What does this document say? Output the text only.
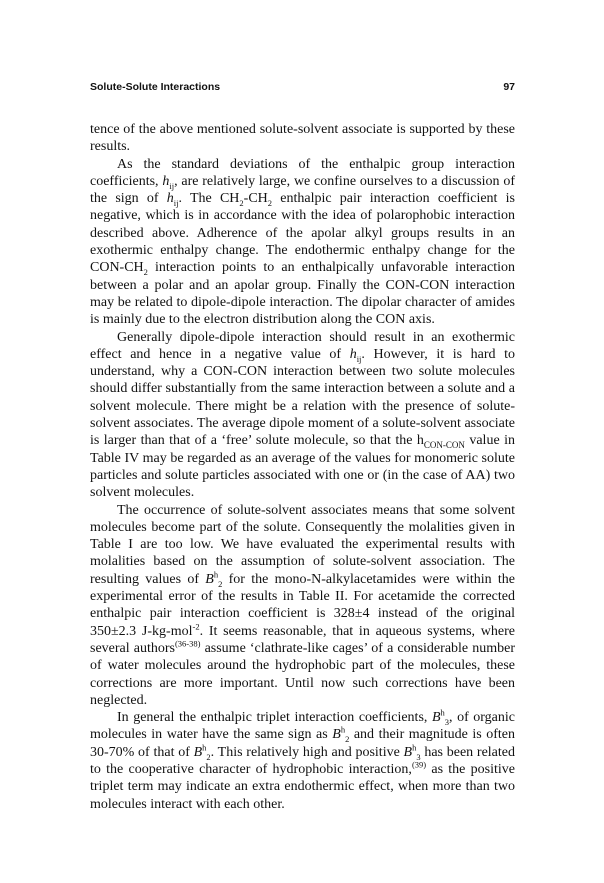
Solute-Solute Interactions	97

tence of the above mentioned solute-solvent associate is supported by these results.

As the standard deviations of the enthalpic group interaction coefficients, $h_{ij}$, are relatively large, we confine ourselves to a discussion of the sign of $h_{ij}$. The $CH_2-CH_2$ enthalpic pair interaction coefficient is negative, which is in accordance with the idea of polarophobic interaction described above. Adherence of the apolar alkyl groups results in an exothermic enthalpy change. The endothermic enthalpy change for the CON-$CH_2$ interaction points to an enthalpically unfavorable interaction between a polar and an apolar group. Finally the CON-CON interaction may be related to dipole-dipole interaction. The dipolar character of amides is mainly due to the electron distribution along the CON axis.

Generally dipole-dipole interaction should result in an exothermic effect and hence in a negative value of $h_{ij}$. However, it is hard to understand, why a CON-CON interaction between two solute molecules should differ substantially from the same interaction between a solute and a solvent molecule. There might be a relation with the presence of solute-solvent associates. The average dipole moment of a solute-solvent associate is larger than that of a ‘free’ solute molecule, so that the $h_{CON-CON}$ value in Table IV may be regarded as an average of the values for monomeric solute particles and solute particles associated with one or (in the case of AA) two solvent molecules.

The occurrence of solute-solvent associates means that some solvent molecules become part of the solute. Consequently the molalities given in Table I are too low. We have evaluated the experimental results with molalities based on the assumption of solute-solvent association. The resulting values of $B^h_2$ for the mono-N-alkylacetamides were within the experimental error of the results in Table II. For acetamide the corrected enthalpic pair interaction coefficient is 328±4 instead of the original 350±2.3 J-kg-mol$^{-2}$. It seems reasonable, that in aqueous systems, where several authors$^{(36-38)}$ assume ‘clathrate-like cages’ of a considerable number of water molecules around the hydrophobic part of the molecules, these corrections are more important. Until now such corrections have been neglected.

In general the enthalpic triplet interaction coefficients, $B^h_3$, of organic molecules in water have the same sign as $B^h_2$ and their magnitude is often 30-70% of that of $B^h_2$. This relatively high and positive $B^h_3$ has been related to the cooperative character of hydrophobic interaction,$^{(39)}$ as the positive triplet term may indicate an extra endothermic effect, when more than two molecules interact with each other.
